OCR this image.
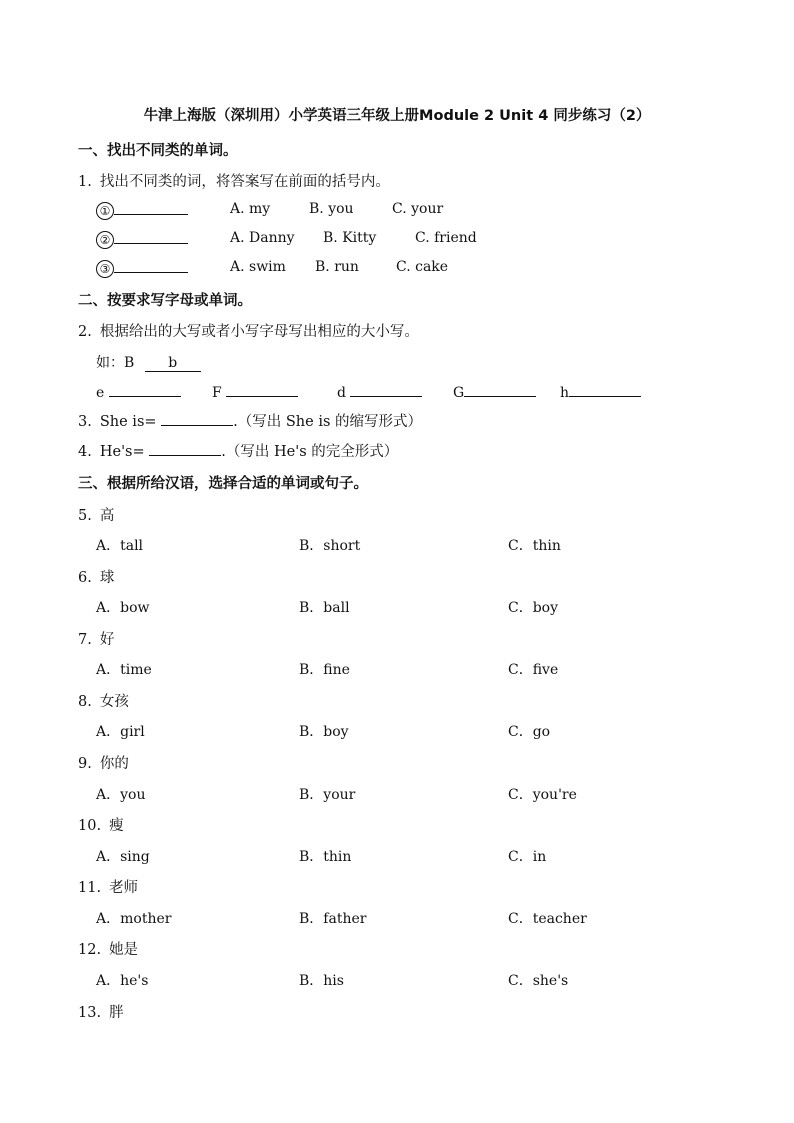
牛津上海版（深圳用）小学英语三年级上册Module 2 Unit 4 同步练习（2）
一、找出不同类的单词。
1. 找出不同类的词，将答案写在前面的括号内。
①	A. my	B. you	C. your
②	A. Danny B. Kitty	C. friend
③	A. swim B. run	C. cake
二、按要求写字母或单词。
2. 根据给出的大写或者小写字母写出相应的大小写。
如：B b
e	F	d	G	h
3. She is=	.（写出 She is 的缩写形式）
4. He's=	.（写出 He's 的完全形式）
三、根据所给汉语，选择合适的单词或句子。
5. 高
A．tall	B．short	C．thin
6. 球
A．bow	B．ball	C．boy
7. 好
A．time	B．fine	C．five
8. 女孩
A．girl	B．boy	C．go
9. 你的
A．you	B．your	C．you're
10. 瘦
A．sing	B．thin	C．in
11. 老师
A．mother	B．father	C．teacher
12. 她是
A．he's	B．his	C．she's
13. 胖
